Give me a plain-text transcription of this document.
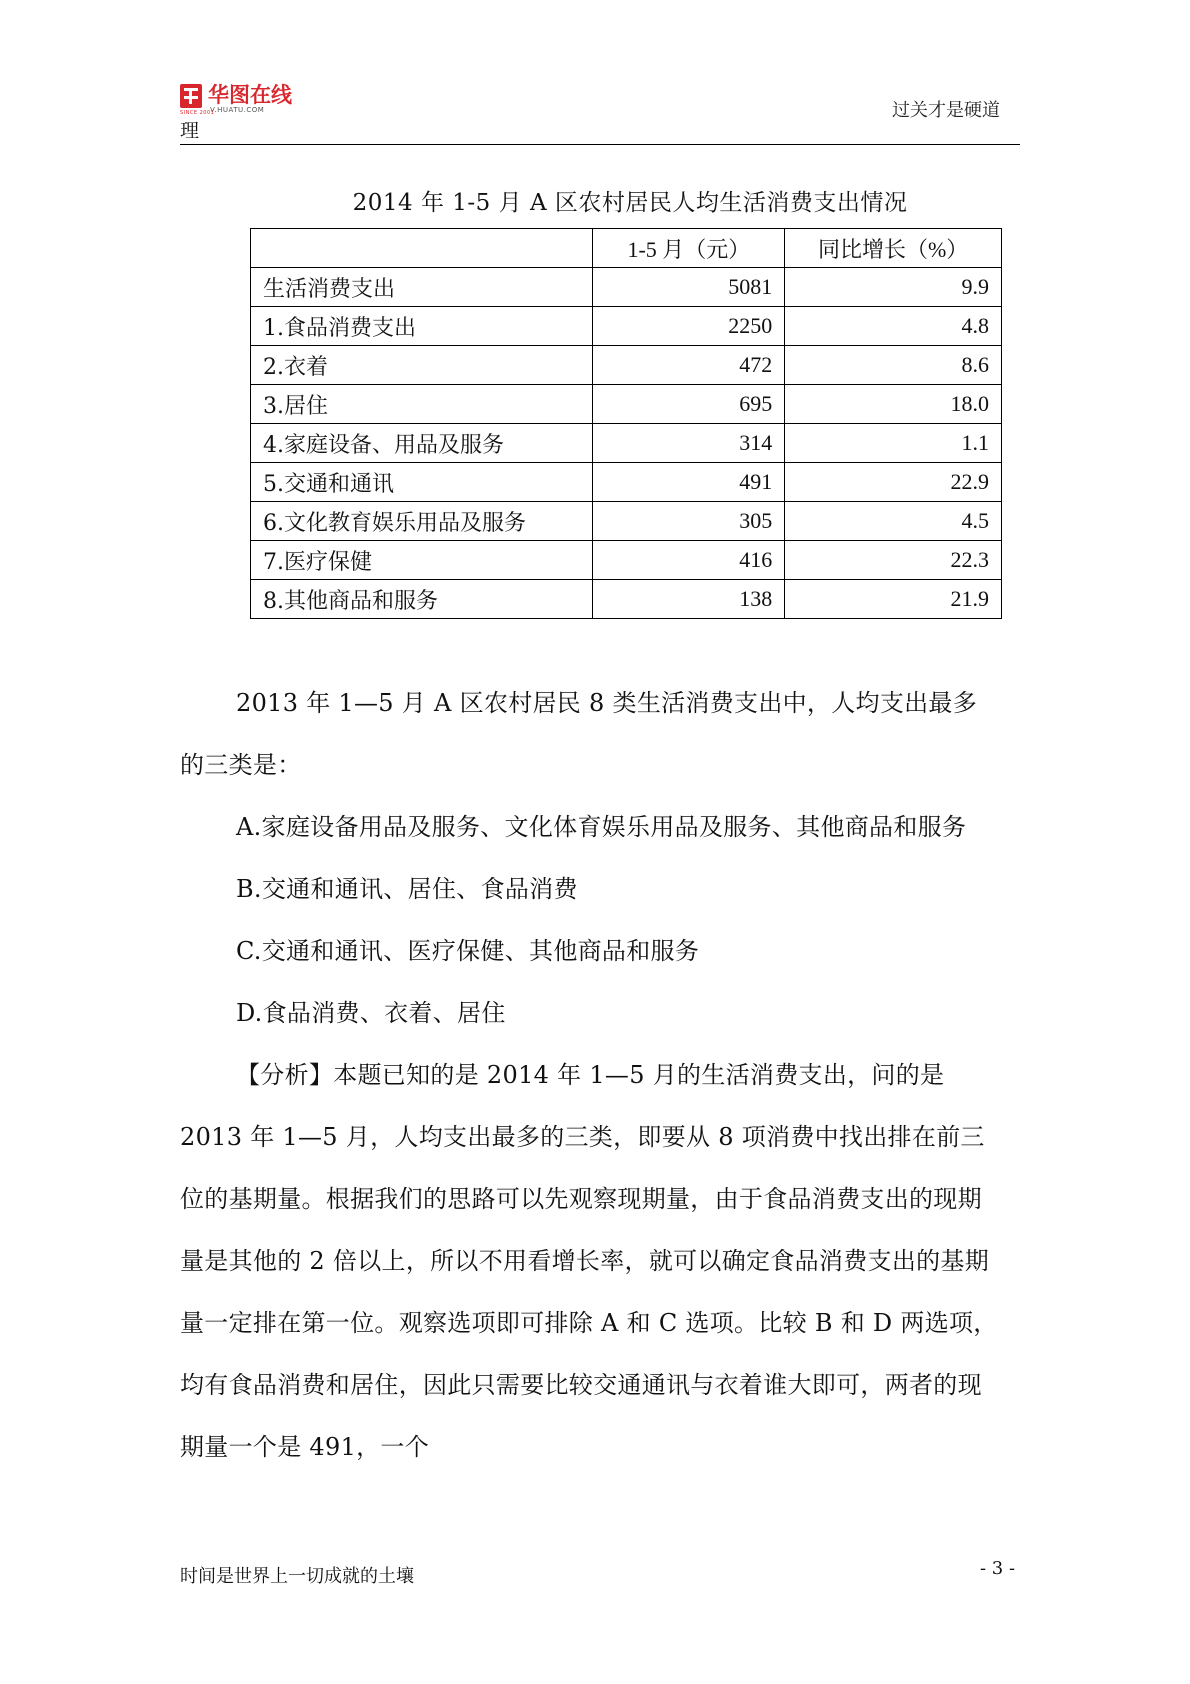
华图在线
V.HUATU.COM
SINCE 2001
理
过关才是硬道
2014 年 1-5 月 A 区农村居民人均生活消费支出情况
	1-5 月（元）	同比增长（%）
生活消费支出	5081	9.9
1.食品消费支出	2250	4.8
2.衣着	472	8.6
3.居住	695	18.0
4.家庭设备、用品及服务	314	1.1
5.交通和通讯	491	22.9
6.文化教育娱乐用品及服务	305	4.5
7.医疗保健	416	22.3
8.其他商品和服务	138	21.9

2013 年 1—5 月 A 区农村居民 8 类生活消费支出中，人均支出最多的三类是：

A.家庭设备用品及服务、文化体育娱乐用品及服务、其他商品和服务

B.交通和通讯、居住、食品消费

C.交通和通讯、医疗保健、其他商品和服务

D.食品消费、衣着、居住

【分析】本题已知的是 2014 年 1—5 月的生活消费支出，问的是 2013 年 1—5 月，人均支出最多的三类，即要从 8 项消费中找出排在前三位的基期量。根据我们的思路可以先观察现期量，由于食品消费支出的现期量是其他的 2 倍以上，所以不用看增长率，就可以确定食品消费支出的基期量一定排在第一位。观察选项即可排除 A 和 C 选项。比较 B 和 D 两选项，均有食品消费和居住，因此只需要比较交通通讯与衣着谁大即可，两者的现期量一个是 491，一个

时间是世界上一切成就的土壤	- 3 -
